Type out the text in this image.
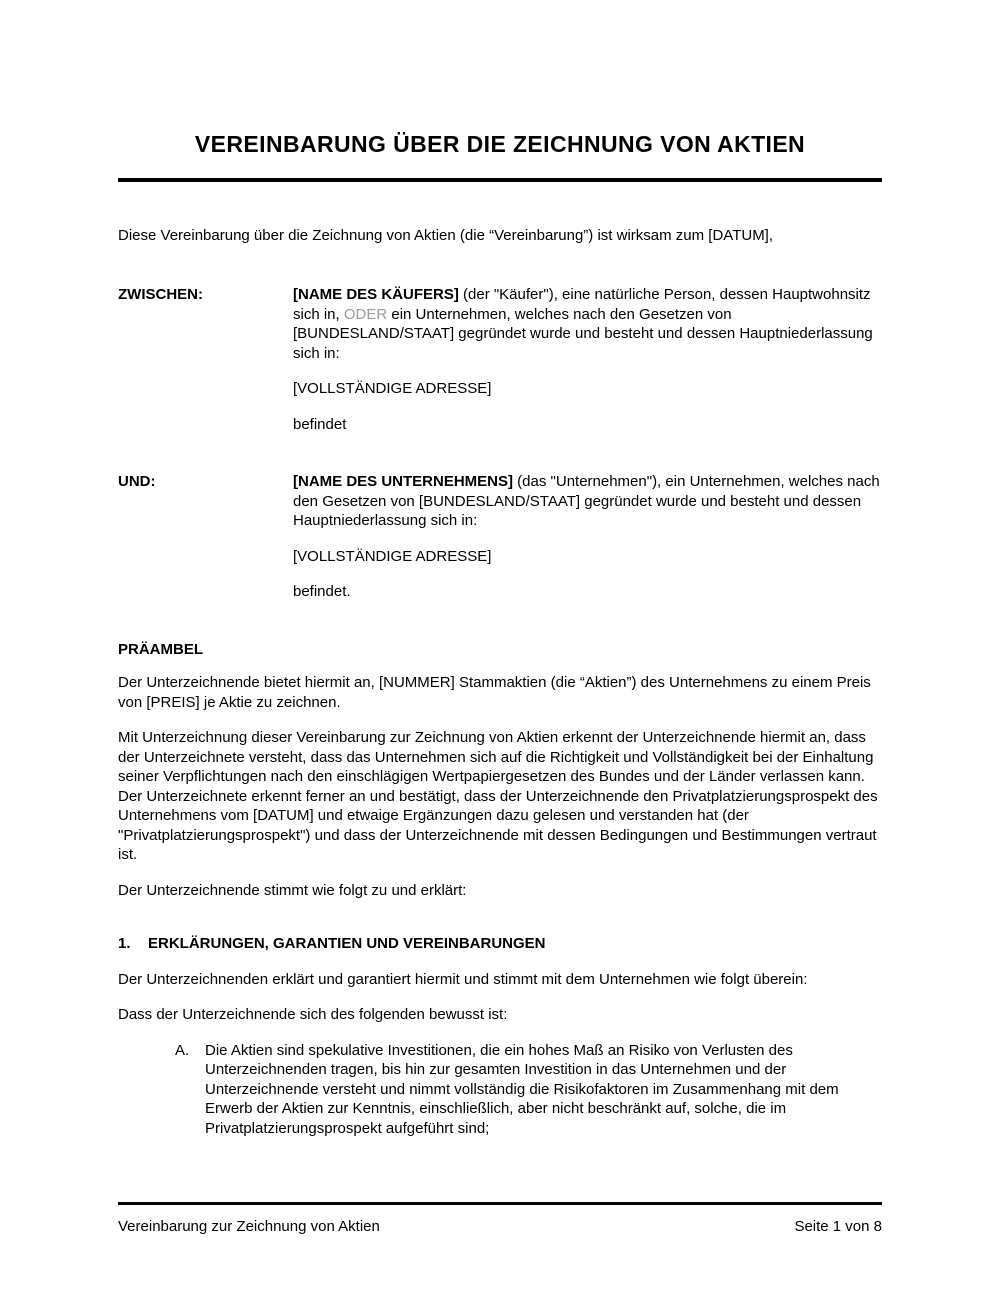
VEREINBARUNG ÜBER DIE ZEICHNUNG VON AKTIEN

Diese Vereinbarung über die Zeichnung von Aktien (die “Vereinbarung”) ist wirksam zum [DATUM],

ZWISCHEN:	[NAME DES KÄUFERS] (der "Käufer"), eine natürliche Person, dessen Hauptwohnsitz sich in, ODER ein Unternehmen, welches nach den Gesetzen von [BUNDESLAND/STAAT] gegründet wurde und besteht und dessen Hauptniederlassung sich in:

[VOLLSTÄNDIGE ADRESSE]

befindet

UND:	[NAME DES UNTERNEHMENS] (das "Unternehmen"), ein Unternehmen, welches nach den Gesetzen von [BUNDESLAND/STAAT] gegründet wurde und besteht und dessen Hauptniederlassung sich in:

[VOLLSTÄNDIGE ADRESSE]

befindet.

PRÄAMBEL

Der Unterzeichnende bietet hiermit an, [NUMMER] Stammaktien (die “Aktien”) des Unternehmens zu einem Preis von [PREIS] je Aktie zu zeichnen.

Mit Unterzeichnung dieser Vereinbarung zur Zeichnung von Aktien erkennt der Unterzeichnende hiermit an, dass der Unterzeichnete versteht, dass das Unternehmen sich auf die Richtigkeit und Vollständigkeit bei der Einhaltung seiner Verpflichtungen nach den einschlägigen Wertpapiergesetzen des Bundes und der Länder verlassen kann. Der Unterzeichnete erkennt ferner an und bestätigt, dass der Unterzeichnende den Privatplatzierungsprospekt des Unternehmens vom [DATUM] und etwaige Ergänzungen dazu gelesen und verstanden hat (der "Privatplatzierungsprospekt") und dass der Unterzeichnende mit dessen Bedingungen und Bestimmungen vertraut ist.

Der Unterzeichnende stimmt wie folgt zu und erklärt:

1.	ERKLÄRUNGEN, GARANTIEN UND VEREINBARUNGEN

Der Unterzeichnenden erklärt und garantiert hiermit und stimmt mit dem Unternehmen wie folgt überein:

Dass der Unterzeichnende sich des folgenden bewusst ist:

A.	Die Aktien sind spekulative Investitionen, die ein hohes Maß an Risiko von Verlusten des Unterzeichnenden tragen, bis hin zur gesamten Investition in das Unternehmen und der Unterzeichnende versteht und nimmt vollständig die Risikofaktoren im Zusammenhang mit dem Erwerb der Aktien zur Kenntnis, einschließlich, aber nicht beschränkt auf, solche, die im Privatplatzierungsprospekt aufgeführt sind;
Vereinbarung zur Zeichnung von Aktien	Seite 1 von 8
